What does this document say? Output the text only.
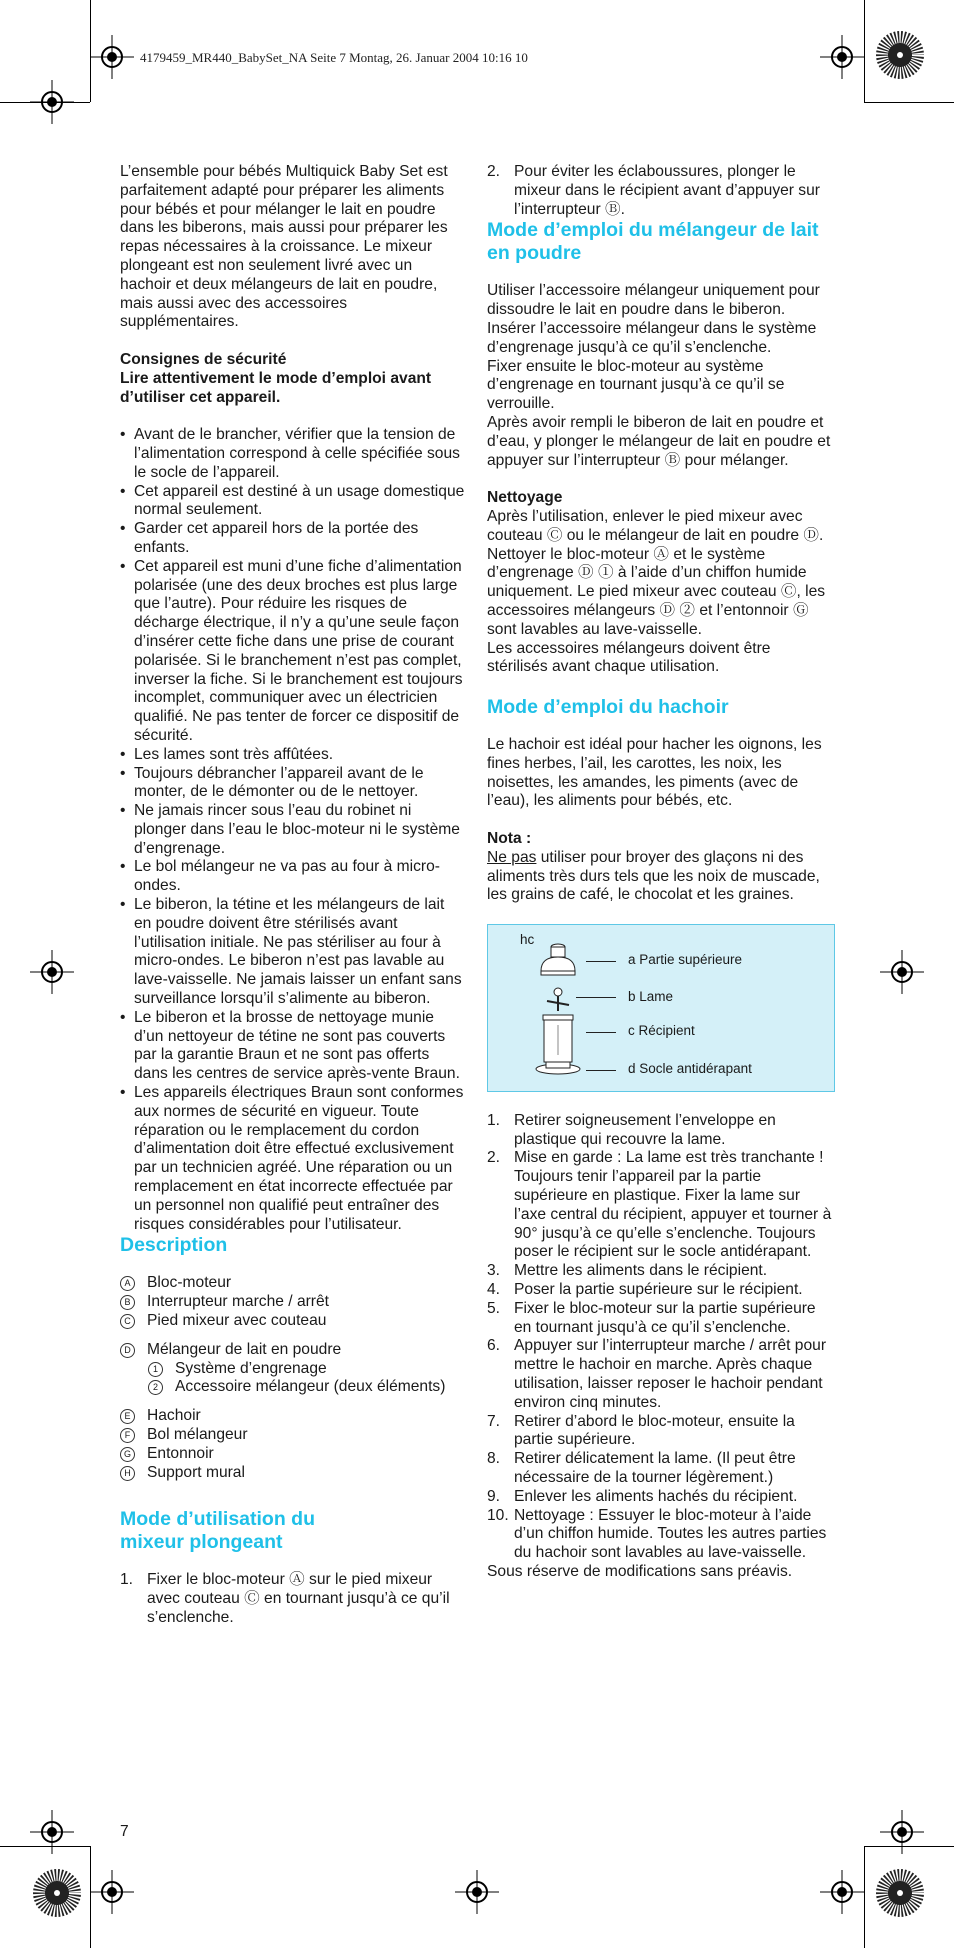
4179459_MR440_BabySet_NA Seite 7 Montag, 26. Januar 2004 10:16 10

L’ensemble pour bébés Multiquick Baby Set est parfaitement adapté pour préparer les aliments pour bébés et pour mélanger le lait en poudre dans les biberons, mais aussi pour préparer les repas nécessaires à la croissance. Le mixeur plongeant est non seulement livré avec un hachoir et deux mélangeurs de lait en poudre, mais aussi avec des accessoires supplémentaires.

Consignes de sécurité

Lire attentivement le mode d’emploi avant d’utiliser cet appareil.

• Avant de le brancher, vérifier que la tension de l’alimentation correspond à celle spécifiée sous le socle de l’appareil.
• Cet appareil est destiné à un usage domestique normal seulement.
• Garder cet appareil hors de la portée des enfants.
• Cet appareil est muni d’une fiche d’alimentation polarisée (une des deux broches est plus large que l’autre). Pour réduire les risques de décharge électrique, il n’y a qu’une seule façon d’insérer cette fiche dans une prise de courant polarisée. Si le branchement n’est pas complet, inverser la fiche. Si le branchement est toujours incomplet, communiquer avec un électricien qualifié. Ne pas tenter de forcer ce dispositif de sécurité.
• Les lames sont très affûtées.
• Toujours débrancher l’appareil avant de le monter, de le démonter ou de le nettoyer.
• Ne jamais rincer sous l’eau du robinet ni plonger dans l’eau le bloc-moteur ni le système d’engrenage.
• Le bol mélangeur ne va pas au four à micro-ondes.
• Le biberon, la tétine et les mélangeurs de lait en poudre doivent être stérilisés avant l’utilisation initiale. Ne pas stériliser au four à micro-ondes. Le biberon n’est pas lavable au lave-vaisselle. Ne jamais laisser un enfant sans surveillance lorsqu’il s’alimente au biberon.
• Le biberon et la brosse de nettoyage munie d’un nettoyeur de tétine ne sont pas couverts par la garantie Braun et ne sont pas offerts dans les centres de service après-vente Braun.
• Les appareils électriques Braun sont conformes aux normes de sécurité en vigueur. Toute réparation ou le remplacement du cordon d’alimentation doit être effectué exclusivement par un technicien agréé. Une réparation ou un remplacement en état incorrecte effectuée par un personnel non qualifié peut entraîner des risques considérables pour l’utilisateur.
Description
A Bloc-moteur
B Interrupteur marche / arrêt
C Pied mixeur avec couteau
D Mélangeur de lait en poudre
1	Système d’engrenage
2	Accessoire mélangeur (deux éléments)
E Hachoir
F	Bol mélangeur
G Entonnoir
H Support mural
Mode d’utilisation du mixeur plongeant
1. Fixer le bloc-moteur Ⓐ sur le pied mixeur avec couteau Ⓒ en tournant jusqu’à ce qu’il s’enclenche.
2. Pour éviter les éclaboussures, plonger le mixeur dans le récipient avant d’appuyer sur l’interrupteur Ⓑ.
Mode d’emploi du mélangeur de lait en poudre

Utiliser l’accessoire mélangeur uniquement pour dissoudre le lait en poudre dans le biberon.
Insérer l’accessoire mélangeur dans le système d’engrenage jusqu’à ce qu’il s’enclenche.
Fixer ensuite le bloc-moteur au système d’engrenage en tournant jusqu’à ce qu’il se verrouille.
Après avoir rempli le biberon de lait en poudre et d’eau, y plonger le mélangeur de lait en poudre et appuyer sur l’interrupteur Ⓑ pour mélanger.

Nettoyage

Après l’utilisation, enlever le pied mixeur avec couteau Ⓒ ou le mélangeur de lait en poudre Ⓓ. Nettoyer le bloc-moteur Ⓐ et le système d’engrenage Ⓓ ① à l’aide d’un chiffon humide uniquement. Le pied mixeur avec couteau Ⓒ, les accessoires mélangeurs Ⓓ ② et l’entonnoir Ⓖ sont lavables au lave-vaisselle.
Les accessoires mélangeurs doivent être stérilisés avant chaque utilisation.

Mode d’emploi du hachoir

Le hachoir est idéal pour hacher les oignons, les fines herbes, l’ail, les carottes, les noix, les noisettes, les amandes, les piments (avec de l’eau), les aliments pour bébés, etc.

Nota :

Ne pas utiliser pour broyer des glaçons ni des aliments très durs tels que les noix de muscade, les grains de café, le chocolat et les graines.

hc
a Partie supérieure
b Lame
c Récipient
d Socle antidérapant
1. Retirer soigneusement l’enveloppe en plastique qui recouvre la lame.
2. Mise en garde : La lame est très tranchante ! Toujours tenir l’appareil par la partie supérieure en plastique. Fixer la lame sur l’axe central du récipient, appuyer et tourner à 90° jusqu’à ce qu’elle s’enclenche. Toujours poser le récipient sur le socle antidérapant.
3. Mettre les aliments dans le récipient.
4. Poser la partie supérieure sur le récipient.
5. Fixer le bloc-moteur sur la partie supérieure en tournant jusqu’à ce qu’il s’enclenche.
6. Appuyer sur l’interrupteur marche / arrêt pour mettre le hachoir en marche. Après chaque utilisation, laisser reposer le hachoir pendant environ cinq minutes.
7. Retirer d’abord le bloc-moteur, ensuite la partie supérieure.
8. Retirer délicatement la lame. (Il peut être nécessaire de la tourner légèrement.)
9. Enlever les aliments hachés du récipient.
10. Nettoyage : Essuyer le bloc-moteur à l’aide d’un chiffon humide. Toutes les autres parties du hachoir sont lavables au lave-vaisselle.

Sous réserve de modifications sans préavis.

7
